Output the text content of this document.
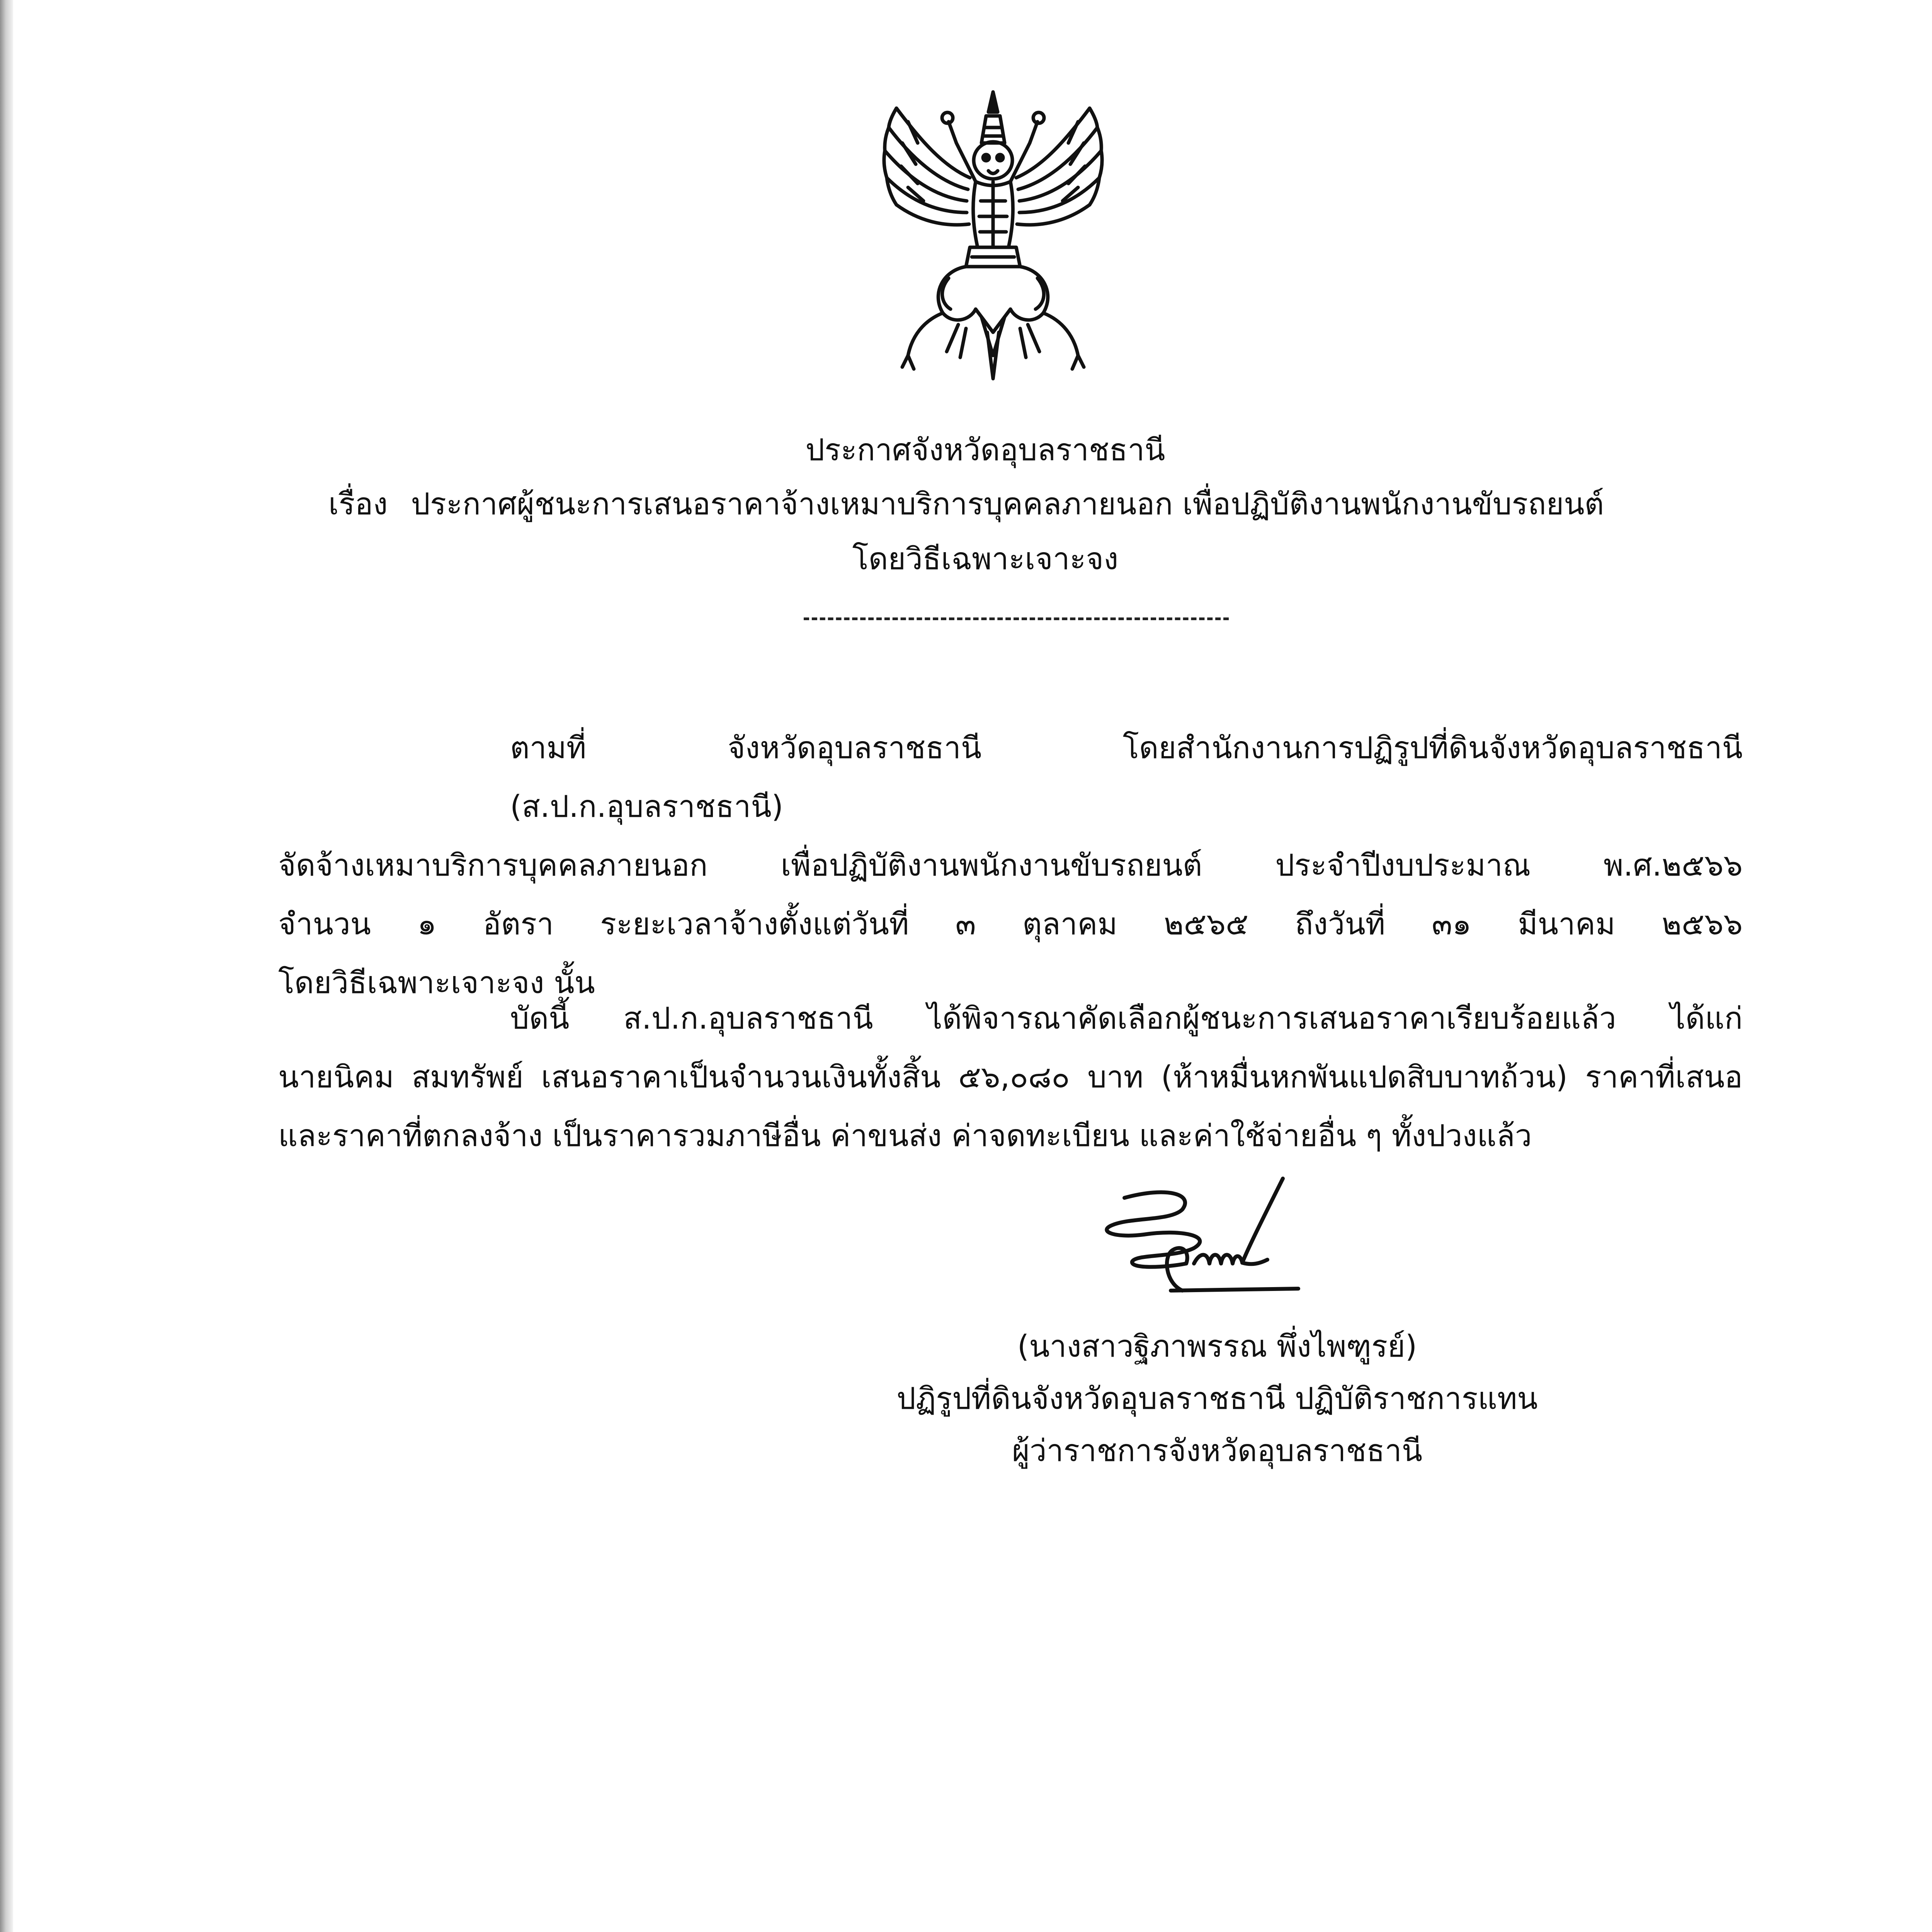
ประกาศจังหวัดอุบลราชธานี
เรื่อง ประกาศผู้ชนะการเสนอราคาจ้างเหมาบริการบุคคลภายนอก เพื่อปฏิบัติงานพนักงานขับรถยนต์
โดยวิธีเฉพาะเจาะจง
ตามที่ จังหวัดอุบลราชธานี โดยสำนักงานการปฏิรูปที่ดินจังหวัดอุบลราชธานี (ส.ป.ก.อุบลราชธานี)
จัดจ้างเหมาบริการบุคคลภายนอก เพื่อปฏิบัติงานพนักงานขับรถยนต์ ประจำปีงบประมาณ พ.ศ.๒๕๖๖
จำนวน ๑ อัตรา ระยะเวลาจ้างตั้งแต่วันที่ ๓ ตุลาคม ๒๕๖๕ ถึงวันที่ ๓๑ มีนาคม ๒๕๖๖
โดยวิธีเฉพาะเจาะจง นั้น
บัดนี้ ส.ป.ก.อุบลราชธานี ได้พิจารณาคัดเลือกผู้ชนะการเสนอราคาเรียบร้อยแล้ว ได้แก่
นายนิคม สมทรัพย์ เสนอราคาเป็นจำนวนเงินทั้งสิ้น ๕๖,๐๘๐ บาท (ห้าหมื่นหกพันแปดสิบบาทถ้วน) ราคาที่เสนอ
และราคาที่ตกลงจ้าง เป็นราคารวมภาษีอื่น ค่าขนส่ง ค่าจดทะเบียน และค่าใช้จ่ายอื่น ๆ ทั้งปวงแล้ว
(นางสาวฐิภาพรรณ พึ่งไพฑูรย์)
ปฏิรูปที่ดินจังหวัดอุบลราชธานี ปฏิบัติราชการแทน
ผู้ว่าราชการจังหวัดอุบลราชธานี
